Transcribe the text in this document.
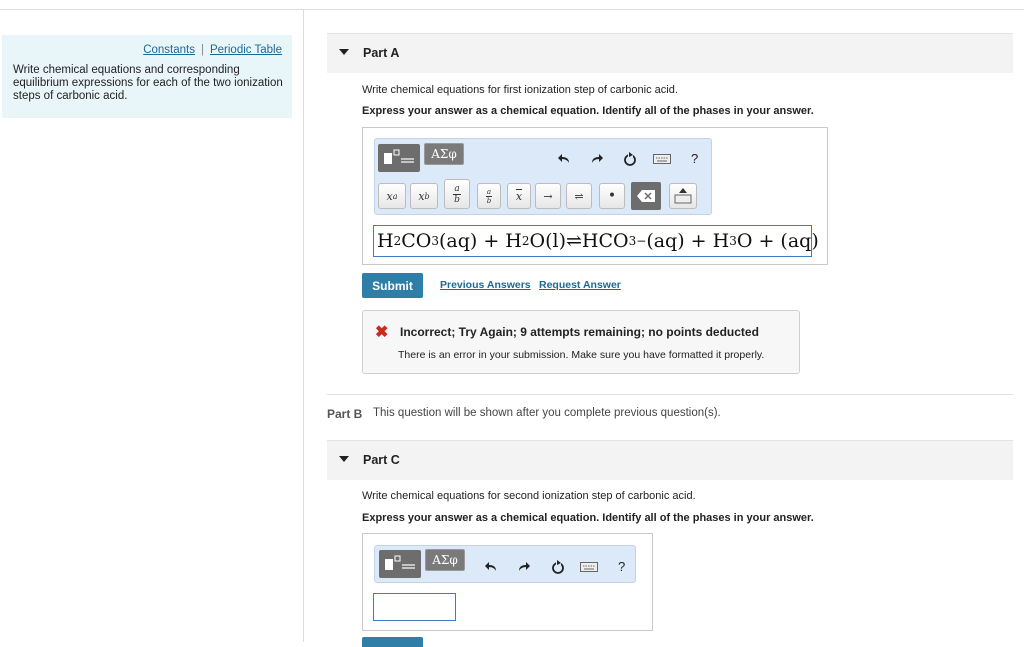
Constants | Periodic Table
Write chemical equations and corresponding equilibrium expressions for each of the two ionization steps of carbonic acid.
Part A
Write chemical equations for first ionization step of carbonic acid.
Express your answer as a chemical equation. Identify all of the phases in your answer.
ΑΣφ	?
x a x b
a
b
a
b $\overline{x}$	→	⇌	•
H 2 CO 3 (aq) + H 2 O(l)⇌HCO 3− (aq) + H 3 O + (aq)
Submit	Previous Answers Request Answer
✖ Incorrect; Try Again; 9 attempts remaining; no points deducted
There is an error in your submission. Make sure you have formatted it properly.
Part B This question will be shown after you complete previous question(s).
Part C
Write chemical equations for second ionization step of carbonic acid.
Express your answer as a chemical equation. Identify all of the phases in your answer.
ΑΣφ	?
